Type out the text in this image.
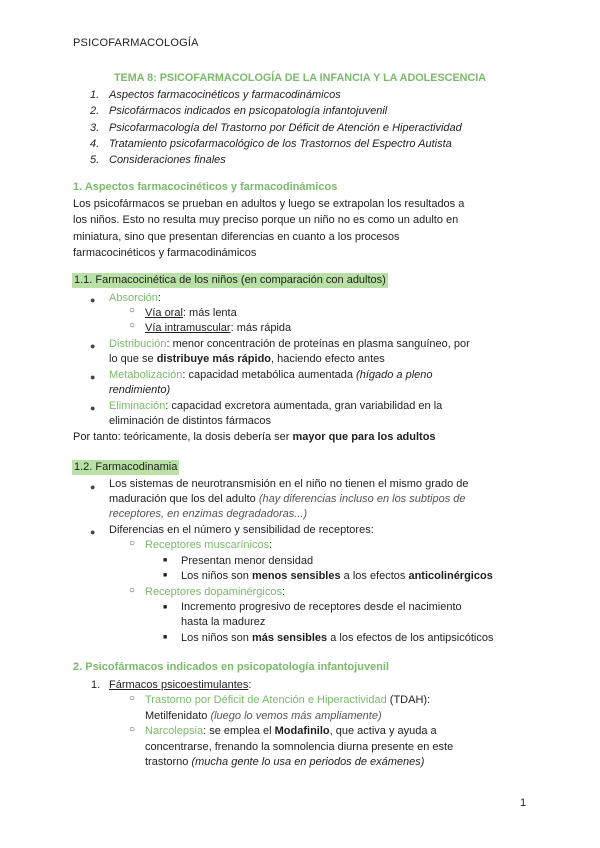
PSICOFARMACOLOGÍA
TEMA 8: PSICOFARMACOLOGÍA DE LA INFANCIA Y LA ADOLESCENCIA
1. Aspectos farmacocinéticos y farmacodinámicos
2. Psicofármacos indicados en psicopatología infantojuvenil
3. Psicofarmacología del Trastorno por Déficit de Atención e Hiperactividad
4. Tratamiento psicofarmacológico de los Trastornos del Espectro Autista
5. Consideraciones finales
1. Aspectos farmacocinéticos y farmacodinámicos
Los psicofármacos se prueban en adultos y luego se extrapolan los resultados a
los niños. Esto no resulta muy preciso porque un niño no es como un adulto en
miniatura, sino que presentan diferencias en cuanto a los procesos
farmacocinéticos y farmacodinámicos
1.1. Farmacocinética de los niños (en comparación con adultos)
● Absorción:
○ Vía oral: más lenta
○ Vía intramuscular: más rápida
● Distribución: menor concentración de proteínas en plasma sanguíneo, por
lo que se distribuye más rápido, haciendo efecto antes
● Metabolización: capacidad metabólica aumentada (hígado a pleno
rendimiento)
● Eliminación: capacidad excretora aumentada, gran variabilidad en la
eliminación de distintos fármacos
Por tanto: teóricamente, la dosis debería ser mayor que para los adultos
1.2. Farmacodinamia
● Los sistemas de neurotransmisión en el niño no tienen el mismo grado de
maduración que los del adulto (hay diferencias incluso en los subtipos de
receptores, en enzimas degradadoras...)
● Diferencias en el número y sensibilidad de receptores:
○ Receptores muscarínicos:
■ Presentan menor densidad
■ Los niños son menos sensibles a los efectos anticolinérgicos
○ Receptores dopaminérgicos:
■ Incremento progresivo de receptores desde el nacimiento
hasta la madurez
■ Los niños son más sensibles a los efectos de los antipsicóticos
2. Psicofármacos indicados en psicopatología infantojuvenil
1. Fármacos psicoestimulantes:
○ Trastorno por Déficit de Atención e Hiperactividad (TDAH):
Metilfenidato (luego lo vemos más ampliamente)
○ Narcolepsia: se emplea el Modafinilo, que activa y ayuda a
concentrarse, frenando la somnolencia diurna presente en este
trastorno (mucha gente lo usa en periodos de exámenes)
1
